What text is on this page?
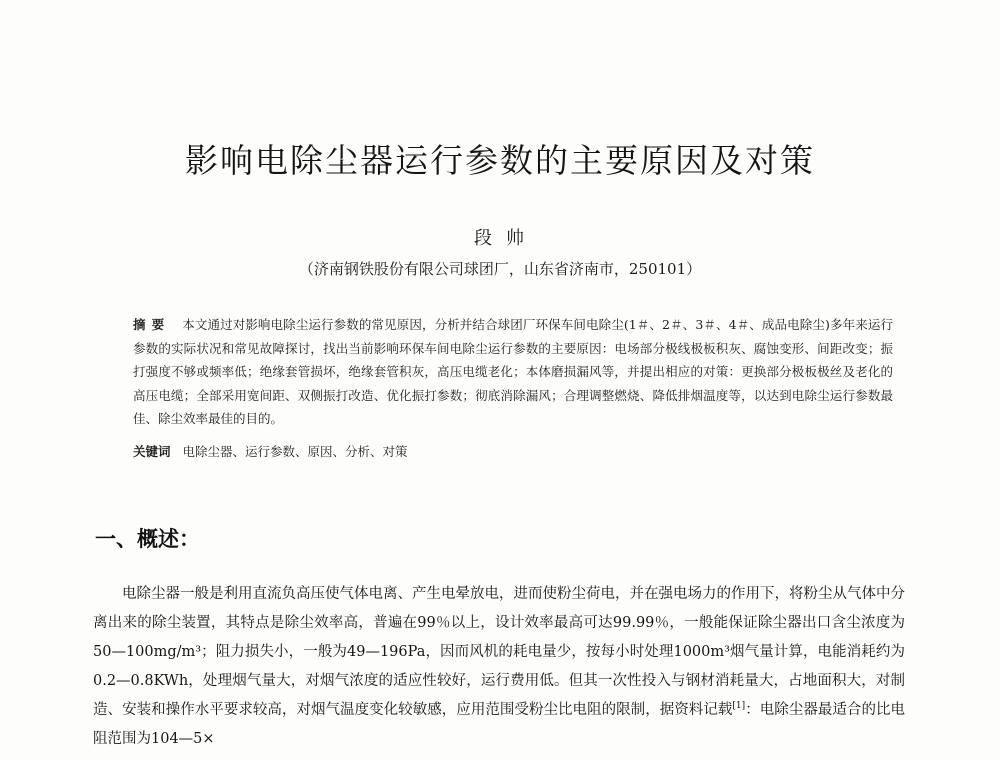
影响电除尘器运行参数的主要原因及对策
段帅
（济南钢铁股份有限公司球团厂，山东省济南市，250101）
摘要 本文通过对影响电除尘运行参数的常见原因，分析并结合球团厂环保车间电除尘(1＃、2＃、3＃、4＃、成品电除尘)多年来运行参数的实际状况和常见故障探讨，找出当前影响环保车间电除尘运行参数的主要原因：电场部分极线极板积灰、腐蚀变形、间距改变；振打强度不够或频率低；绝缘套管损坏，绝缘套管积灰，高压电缆老化；本体磨损漏风等，并提出相应的对策：更换部分极板极丝及老化的高压电缆；全部采用宽间距、双侧振打改造、优化振打参数；彻底消除漏风；合理调整燃烧、降低排烟温度等，以达到电除尘运行参数最佳、除尘效率最佳的目的。
关键词 电除尘器、运行参数、原因、分析、对策
一、概述：

电除尘器一般是利用直流负高压使气体电离、产生电晕放电，进而使粉尘荷电，并在强电场力的作用下，将粉尘从气体中分离出来的除尘装置，其特点是除尘效率高，普遍在99％以上，设计效率最高可达99.99％，一般能保证除尘器出口含尘浓度为50—100mg/m³；阻力损失小，一般为49—196Pa，因而风机的耗电量少，按每小时处理1000m³烟气量计算，电能消耗约为0.2—0.8KWh，处理烟气量大，对烟气浓度的适应性较好，运行费用低。但其一次性投入与钢材消耗量大，占地面积大，对制造、安装和操作水平要求较高，对烟气温度变化较敏感，应用范围受粉尘比电阻的限制，据资料记载[1]：电除尘器最适合的比电阻范围为104—5×
